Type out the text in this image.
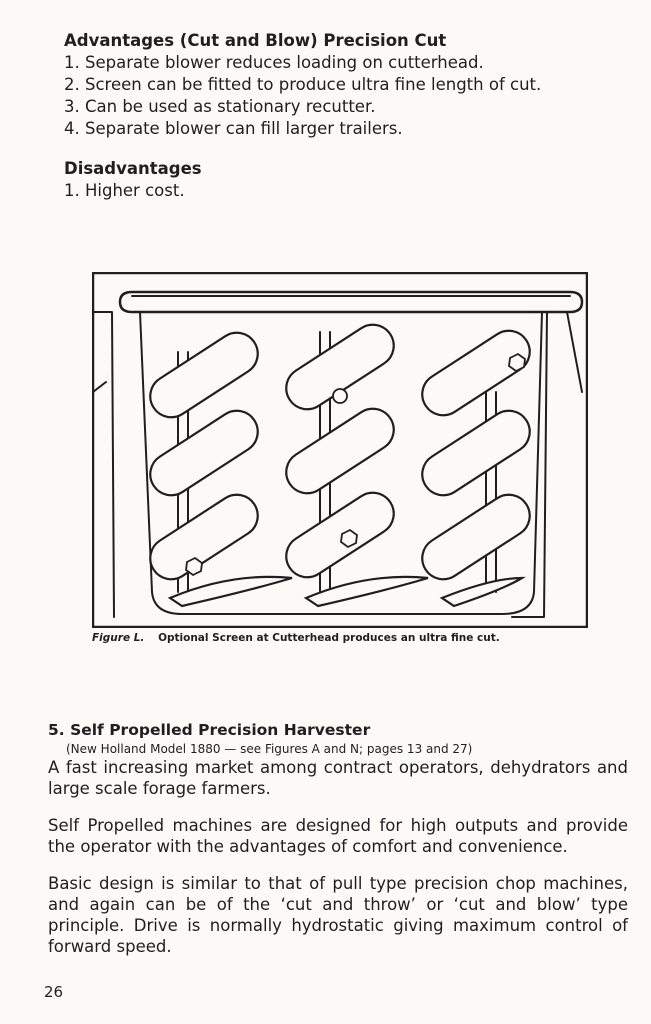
Advantages (Cut and Blow) Precision Cut
1. Separate blower reduces loading on cutterhead.
2. Screen can be fitted to produce ultra fine length of cut.
3. Can be used as stationary recutter.
4. Separate blower can fill larger trailers.
Disadvantages
1. Higher cost.
Figure L. Optional Screen at Cutterhead produces an ultra fine cut.
5. Self Propelled Precision Harvester
(New Holland Model 1880 — see Figures A and N; pages 13 and 27)

A fast increasing market among contract operators, dehydrators and large scale forage farmers.

Self Propelled machines are designed for high outputs and provide the operator with the advantages of comfort and convenience.

Basic design is similar to that of pull type precision chop machines, and again can be of the ‘cut and throw’ or ‘cut and blow’ type principle. Drive is normally hydrostatic giving maximum control of forward speed.

26
